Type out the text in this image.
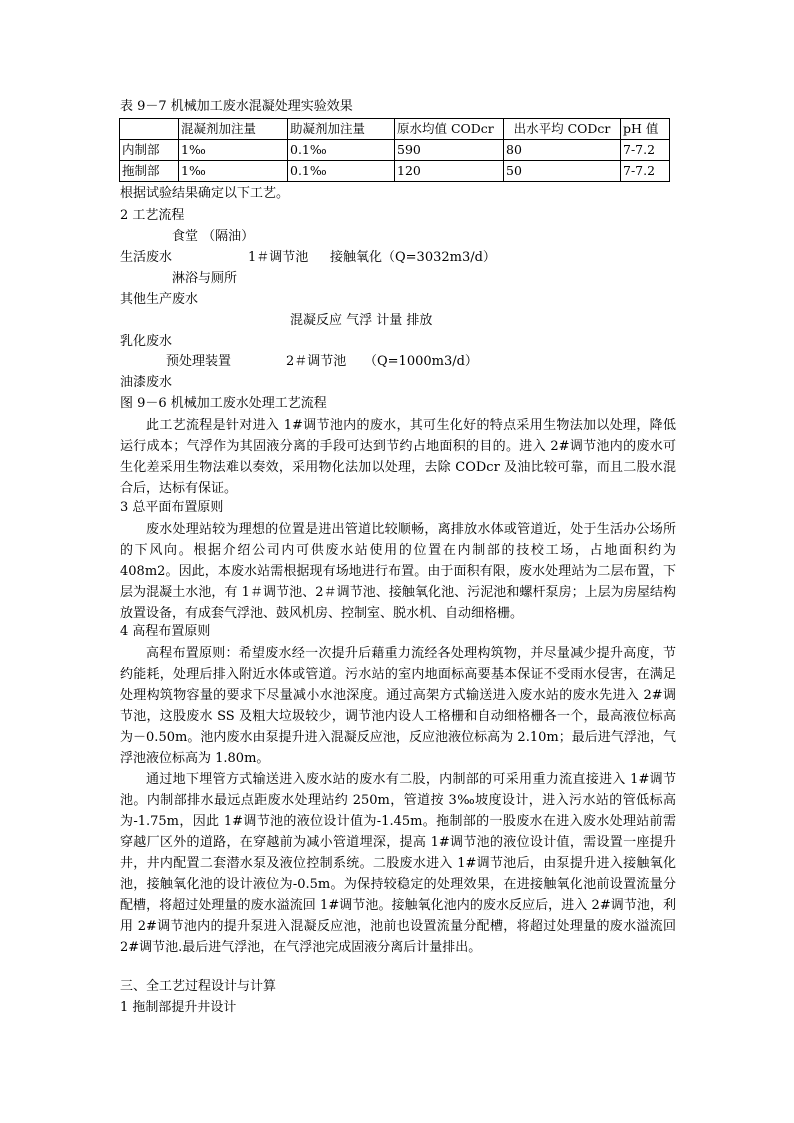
表 9－7 机械加工废水混凝处理实验效果
	混凝剂加注量	助凝剂加注量	原水均值 CODcr	出水平均 CODcr	pH 值
内制部	1‰	0.1‰	590	80	7-7.2
拖制部	1‰	0.1‰	120	50	7-7.2
根据试验结果确定以下工艺。
2 工艺流程
食堂 （隔油）
生活废水	1＃调节池 接触氧化（Q=3032m3/d）
淋浴与厕所
其他生产废水
混凝反应 气浮 计量 排放
乳化废水
预处理装置	2＃调节池 （Q=1000m3/d）
油漆废水
图 9－6 机械加工废水处理工艺流程
此工艺流程是针对进入 1#调节池内的废水，其可生化好的特点采用生物法加以处理，降低运行成本；气浮作为其固液分离的手段可达到节约占地面积的目的。进入 2#调节池内的废水可生化差采用生物法难以奏效，采用物化法加以处理，去除 CODcr 及油比较可靠，而且二股水混合后，达标有保证。
3 总平面布置原则
废水处理站较为理想的位置是进出管道比较顺畅，离排放水体或管道近，处于生活办公场所的下风向。根据介绍公司内可供废水站使用的位置在内制部的技校工场，占地面积约为 408m2。因此，本废水站需根据现有场地进行布置。由于面积有限，废水处理站为二层布置，下层为混凝土水池，有 1＃调节池、2＃调节池、接触氧化池、污泥池和螺杆泵房；上层为房屋结构放置设备，有成套气浮池、鼓风机房、控制室、脱水机、自动细格栅。
4 高程布置原则
高程布置原则：希望废水经一次提升后藉重力流经各处理构筑物，并尽量减少提升高度，节约能耗，处理后排入附近水体或管道。污水站的室内地面标高要基本保证不受雨水侵害，在满足处理构筑物容量的要求下尽量减小水池深度。通过高架方式输送进入废水站的废水先进入 2#调节池，这股废水 SS 及粗大垃圾较少，调节池内设人工格栅和自动细格栅各一个，最高液位标高为－0.50m。池内废水由泵提升进入混凝反应池，反应池液位标高为 2.10m；最后进气浮池，气浮池液位标高为 1.80m。
通过地下埋管方式输送进入废水站的废水有二股，内制部的可采用重力流直接进入 1#调节池。内制部排水最远点距废水处理站约 250m，管道按 3‰坡度设计，进入污水站的管低标高为-1.75m，因此 1#调节池的液位设计值为-1.45m。拖制部的一股废水在进入废水处理站前需穿越厂区外的道路，在穿越前为减小管道埋深，提高 1#调节池的液位设计值，需设置一座提升井，井内配置二套潜水泵及液位控制系统。二股废水进入 1#调节池后，由泵提升进入接触氧化池，接触氧化池的设计液位为-0.5m。为保持较稳定的处理效果，在进接触氧化池前设置流量分配槽，将超过处理量的废水溢流回 1#调节池。接触氧化池内的废水反应后，进入 2#调节池，利用 2#调节池内的提升泵进入混凝反应池，池前也设置流量分配槽，将超过处理量的废水溢流回 2#调节池.最后进气浮池，在气浮池完成固液分离后计量排出。
三、全工艺过程设计与计算
1 拖制部提升井设计
